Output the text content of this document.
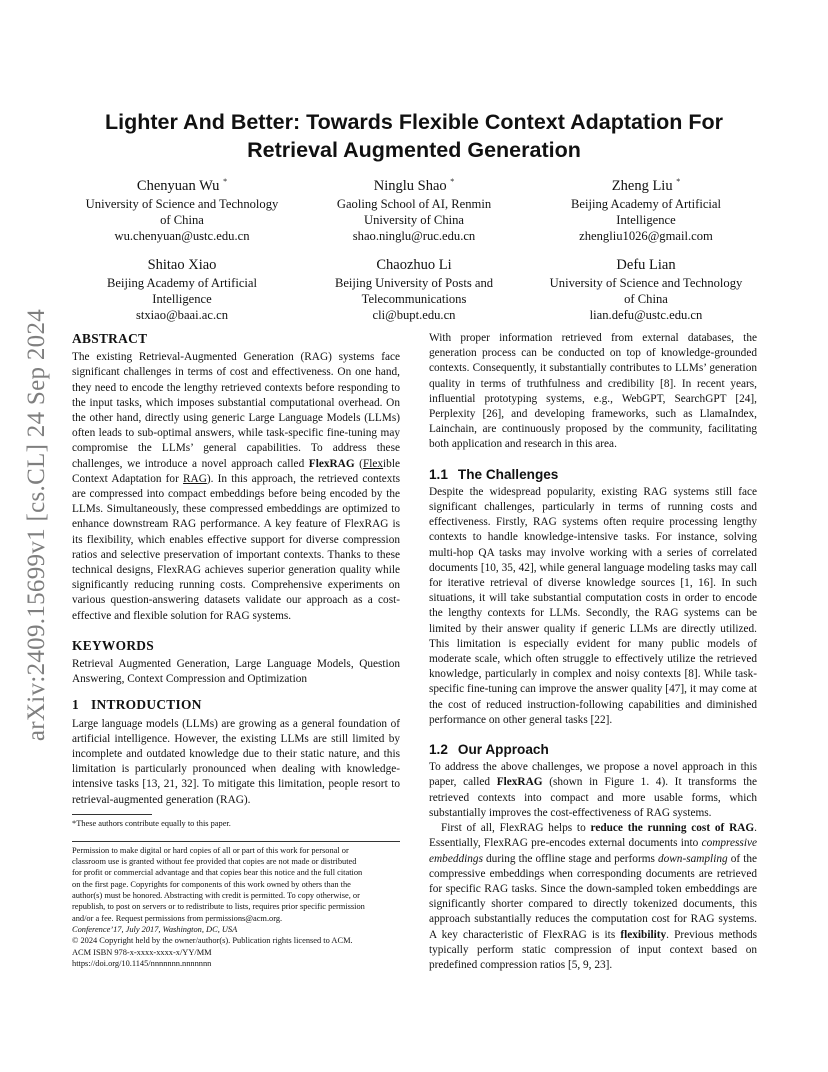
arXiv:2409.15699v1 [cs.CL] 24 Sep 2024
Lighter And Better: Towards Flexible Context Adaptation For
Retrieval Augmented Generation
Chenyuan Wu *
University of Science and Technology
of China
wu.chenyuan@ustc.edu.cn
Ninglu Shao *
Gaoling School of AI, Renmin
University of China
shao.ninglu@ruc.edu.cn
Zheng Liu *
Beijing Academy of Artificial
Intelligence
zhengliu1026@gmail.com
Shitao Xiao
Beijing Academy of Artificial
Intelligence
stxiao@baai.ac.cn
Chaozhuo Li
Beijing University of Posts and
Telecommunications
cli@bupt.edu.cn
Defu Lian
University of Science and Technology
of China
lian.defu@ustc.edu.cn
ABSTRACT

The existing Retrieval-Augmented Generation (RAG) systems face significant challenges in terms of cost and effectiveness. On one hand, they need to encode the lengthy retrieved contexts before responding to the input tasks, which imposes substantial computational overhead. On the other hand, directly using generic Large Language Models (LLMs) often leads to sub-optimal answers, while task-specific fine-tuning may compromise the LLMs’ general capabilities. To address these challenges, we introduce a novel approach called FlexRAG (Flexible Context Adaptation for RAG). In this approach, the retrieved contexts are compressed into compact embeddings before being encoded by the LLMs. Simultaneously, these compressed embeddings are optimized to enhance downstream RAG performance. A key feature of FlexRAG is its flexibility, which enables effective support for diverse compression ratios and selective preservation of important contexts. Thanks to these technical designs, FlexRAG achieves superior generation quality while significantly reducing running costs. Comprehensive experiments on various question-answering datasets validate our approach as a cost-effective and flexible solution for RAG systems.

KEYWORDS

Retrieval Augmented Generation, Large Language Models, Question Answering, Context Compression and Optimization

1 INTRODUCTION

Large language models (LLMs) are growing as a general foundation of artificial intelligence. However, the existing LLMs are still limited by incomplete and outdated knowledge due to their static nature, and this limitation is particularly pronounced when dealing with knowledge-intensive tasks [13, 21, 32]. To mitigate this limitation, people resort to retrieval-augmented generation (RAG).

*These authors contribute equally to this paper.

Permission to make digital or hard copies of all or part of this work for personal or
classroom use is granted without fee provided that copies are not made or distributed
for profit or commercial advantage and that copies bear this notice and the full citation
on the first page. Copyrights for components of this work owned by others than the
author(s) must be honored. Abstracting with credit is permitted. To copy otherwise, or
republish, to post on servers or to redistribute to lists, requires prior specific permission
and/or a fee. Request permissions from permissions@acm.org.
Conference’17, July 2017, Washington, DC, USA
© 2024 Copyright held by the owner/author(s). Publication rights licensed to ACM.
ACM ISBN 978-x-xxxx-xxxx-x/YY/MM
https://doi.org/10.1145/nnnnnnn.nnnnnnn

With proper information retrieved from external databases, the generation process can be conducted on top of knowledge-grounded contexts. Consequently, it substantially contributes to LLMs’ generation quality in terms of truthfulness and credibility [8]. In recent years, influential prototyping systems, e.g., WebGPT, SearchGPT [24], Perplexity [26], and developing frameworks, such as LlamaIndex, Lainchain, are continuously proposed by the community, facilitating both application and research in this area.

1.1 The Challenges

Despite the widespread popularity, existing RAG systems still face significant challenges, particularly in terms of running costs and effectiveness. Firstly, RAG systems often require processing lengthy contexts to handle knowledge-intensive tasks. For instance, solving multi-hop QA tasks may involve working with a series of correlated documents [10, 35, 42], while general language modeling tasks may call for iterative retrieval of diverse knowledge sources [1, 16]. In such situations, it will take substantial computation costs in order to encode the lengthy contexts for LLMs. Secondly, the RAG systems can be limited by their answer quality if generic LLMs are directly utilized. This limitation is especially evident for many public models of moderate scale, which often struggle to effectively utilize the retrieved knowledge, particularly in complex and noisy contexts [8]. While task-specific fine-tuning can improve the answer quality [47], it may come at the cost of reduced instruction-following capabilities and diminished performance on other general tasks [22].

1.2 Our Approach

To address the above challenges, we propose a novel approach in this paper, called FlexRAG (shown in Figure 1. 4). It transforms the retrieved contexts into compact and more usable forms, which substantially improves the cost-effectiveness of RAG systems.

First of all, FlexRAG helps to reduce the running cost of RAG. Essentially, FlexRAG pre-encodes external documents into compressive embeddings during the offline stage and performs down-sampling of the compressive embeddings when corresponding documents are retrieved for specific RAG tasks. Since the down-sampled token embeddings are significantly shorter compared to directly tokenized documents, this approach substantially reduces the computation cost for RAG systems. A key characteristic of FlexRAG is its flexibility. Previous methods typically perform static compression of input context based on predefined compression ratios [5, 9, 23].
